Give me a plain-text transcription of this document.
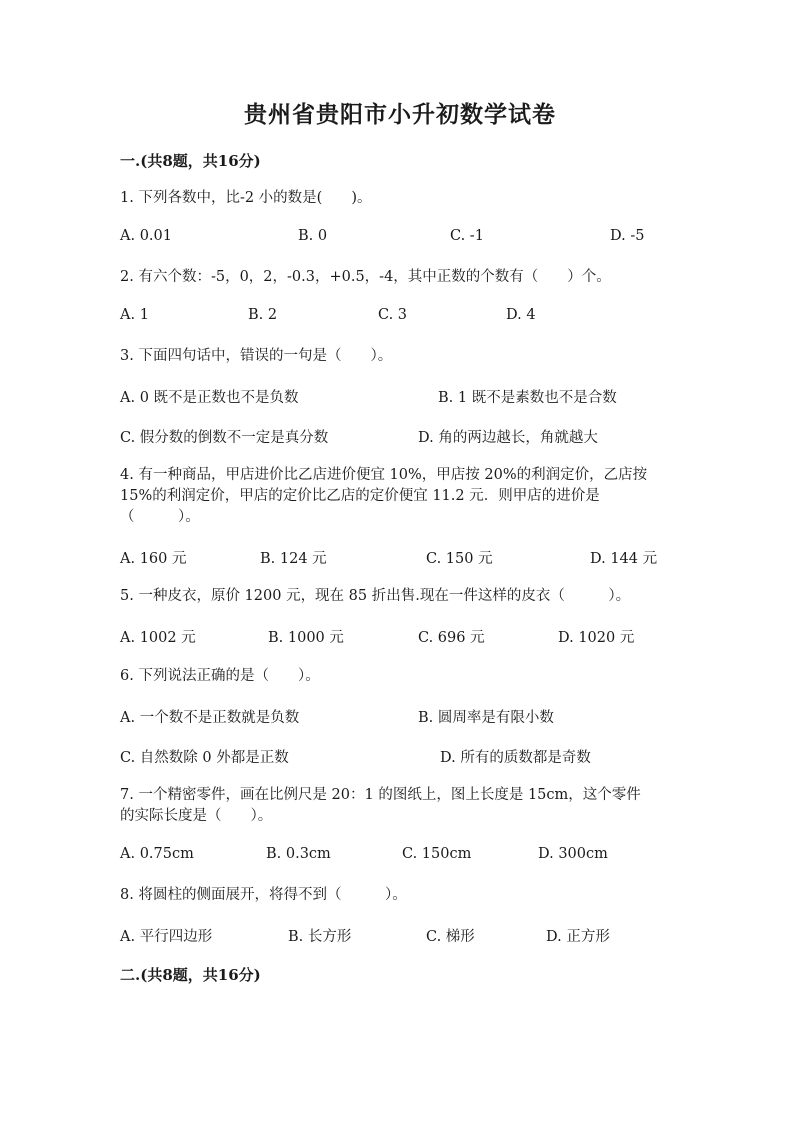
贵州省贵阳市小升初数学试卷
一.(共8题，共16分)
1. 下列各数中，比-2 小的数是(　　)。
A. 0.01	B. 0	C. -1	D. -5
2. 有六个数：-5，0，2，-0.3，+0.5，-4，其中正数的个数有（　　）个。
A. 1	B. 2	C. 3	D. 4
3. 下面四句话中，错误的一句是（　　）。
A. 0 既不是正数也不是负数	B. 1 既不是素数也不是合数
C. 假分数的倒数不一定是真分数	D. 角的两边越长，角就越大
4. 有一种商品，甲店进价比乙店进价便宜 10%，甲店按 20%的利润定价，乙店按
15%的利润定价，甲店的定价比乙店的定价便宜 11.2 元．则甲店的进价是
（　　　）。
A. 160 元	B. 124 元	C. 150 元	D. 144 元
5. 一种皮衣，原价 1200 元，现在 85 折出售.现在一件这样的皮衣（　　　）。
A. 1002 元	B. 1000 元	C. 696 元	D. 1020 元
6. 下列说法正确的是（　　）。
A. 一个数不是正数就是负数	B. 圆周率是有限小数
C. 自然数除 0 外都是正数	D. 所有的质数都是奇数
7. 一个精密零件，画在比例尺是 20：1 的图纸上，图上长度是 15cm，这个零件
的实际长度是（　　）。
A. 0.75cm	B. 0.3cm	C. 150cm	D. 300cm
8. 将圆柱的侧面展开，将得不到（　　　）。
A. 平行四边形	B. 长方形	C. 梯形	D. 正方形
二.(共8题，共16分)
